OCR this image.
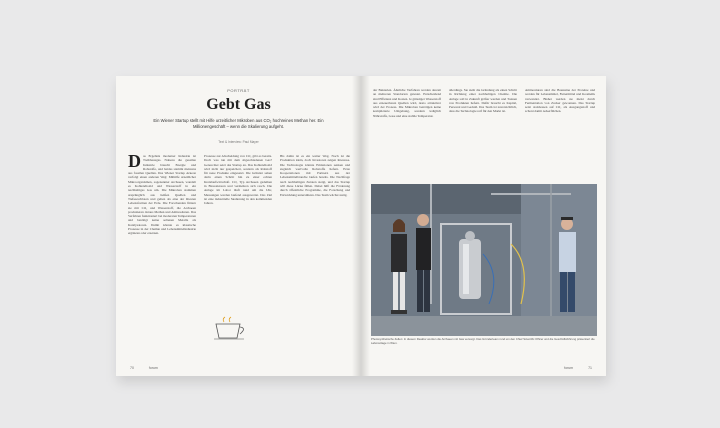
PORTRÄT
Gebt Gas
Ein Wiener Startup stellt mit Hilfe urzeitlicher Mikroben aus CO₂ hochreines Methan her. Ein Millionengeschäft – wenn die Skalierung aufgeht.
Text & Interview: Paul Mayer
D as Ergebnis moderner Industrie ist Treibhausgas. Nahezu die gesamte Industrie braucht Energie und Rohstoffe, und beides stammt meistens aus fossilen Quellen. Das Wiener Startup Arkeon verfolgt einen anderen Weg: Mithilfe urzeitlicher Mikroorganismen, sogenannter Archaeen, wandelt es Kohlendioxid und Wasserstoff in ein nachhaltiges Gas um. Die Mikroben stammen ursprünglich aus heißen Quellen und Tiefseeschloten und gelten als eine der ältesten Lebensformen der Erde. Die Forschenden füttern sie mit CO₂ und Wasserstoff, die Archaeen produzieren daraus Methan und Aminosäuren. Das Verfahren funktioniert bei moderaten Temperaturen und benötigt keine seltenen Metalle als Katalysatoren. Damit könnte es klassische Prozesse in der Chemie und Lebensmittelindustrie ergänzen oder ersetzen.
Prozesse zur Abscheidung von CO₂ gibt es bereits. Doch was tun mit dem abgeschiedenen Gas? Genau hier setzt das Startup an. Das Kohlendioxid wird nicht nur gespeichert, sondern als Rohstoff für neue Produkte eingesetzt. Die Gründer sehen darin einen Schritt hin zu einer echten Kreislaufwirtschaft. CO₂ Typ Archaeen gedeihen in Bioreaktoren und vermehren sich rasch. Die Anlage im Labor läuft rund um die Uhr, Messungen werden laufend ausgewertet. Das Ziel ist eine industrielle Skalierung in den kommenden Jahren.
Bis dahin ist es ein weiter Weg. Noch ist die Produktion klein, doch Investoren zeigen Interesse. Die Technologie könnte Emissionen senken und zugleich wertvolle Rohstoffe liefern. Erste Kooperationen mit Partnern aus der Lebensmittelbranche laufen bereits. Die Nachfrage nach nachhaltigen Zutaten steigt, und das Startup will diese Lücke füllen. Dabei hilft die Förderung durch öffentliche Programme, die Forschung und Entwicklung unterstützen. Das Team wächst stetig.
70	forum
der Bakterien. Ähnliche Verfahren werden derzeit an mehreren Standorten getestet. Entscheidend sind Effizienz und Kosten. Je günstiger Wasserstoff aus erneuerbaren Quellen wird, desto attraktiver wird der Prozess. Die Mikroben benötigen keine komplizierte Umgebung, sondern lediglich Nährstoffe, Gase und eine stabile Temperatur.
allerdings. Sie sieht die Gründung als einen Schritt in Richtung einer nachhaltigen Chemie. Die Anlage soll in Zukunft größer werden und Tonnen von Produkten liefern. Dafür braucht es Kapital, Personal und Geduld. Das Team ist zuversichtlich, dass die Technologie reif für den Markt ist.
Aminosäuren sind die Bausteine der Proteine und werden für Lebensmittel, Futtermittel und Kosmetik verwendet. Bisher werden sie meist durch Fermentation von Zucker gewonnen. Das Startup setzt stattdessen auf CO₂ als Ausgangsstoff und schont damit Ackerflächen.
Photosynthetische Zellen: In diesem Reaktor werden die Archaeen mit Gas versorgt. Das Gründerteam rund um den Chief Scientific Officer und die Geschäftsführung präsentiert die Laboranlage in Wien.
forum	71
